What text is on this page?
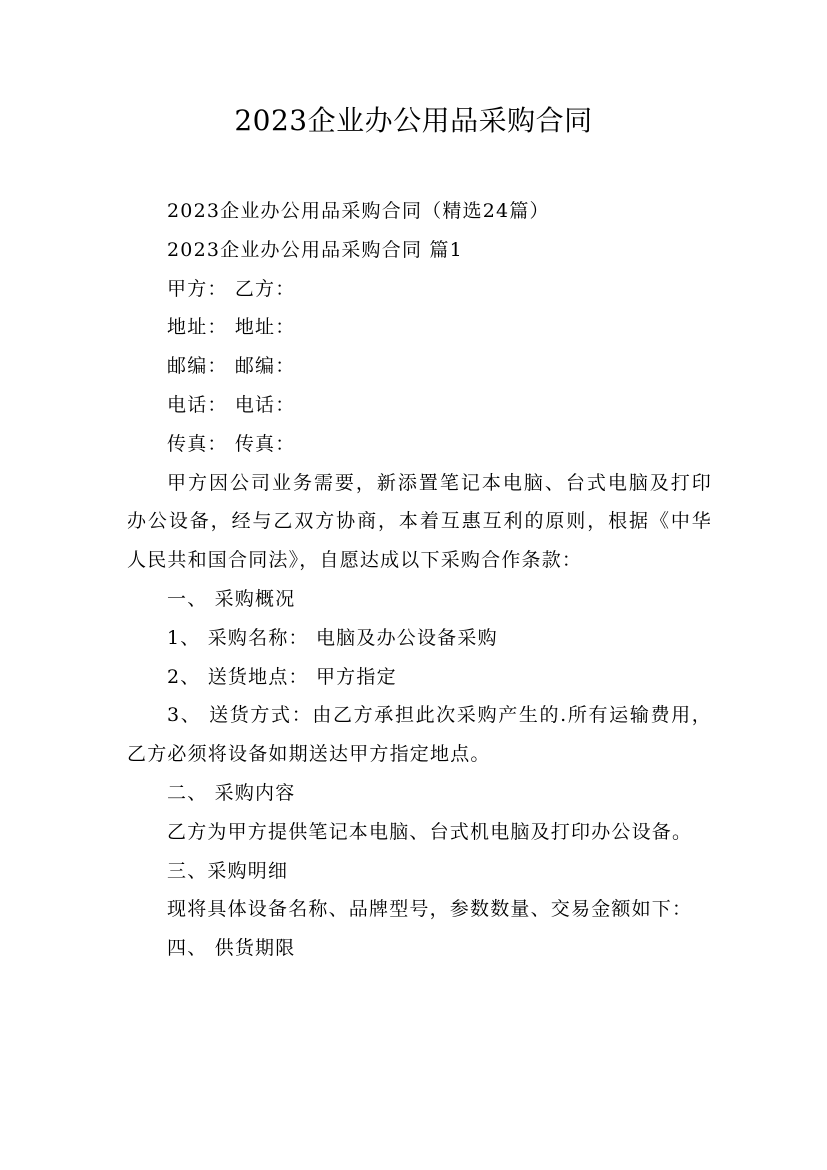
2023企业办公用品采购合同

2023企业办公用品采购合同（精选24篇）

2023企业办公用品采购合同 篇1

甲方： 乙方：

地址： 地址：

邮编： 邮编：

电话： 电话：

传真： 传真：

甲方因公司业务需要，新添置笔记本电脑、台式电脑及打印办公设备，经与乙双方协商，本着互惠互利的原则，根据《中华人民共和国合同法》，自愿达成以下采购合作条款：

一、 采购概况

1、 采购名称： 电脑及办公设备采购

2、 送货地点： 甲方指定

3、 送货方式：由乙方承担此次采购产生的.所有运输费用，乙方必须将设备如期送达甲方指定地点。

二、 采购内容

乙方为甲方提供笔记本电脑、台式机电脑及打印办公设备。

三、采购明细

现将具体设备名称、品牌型号，参数数量、交易金额如下：

四、 供货期限
